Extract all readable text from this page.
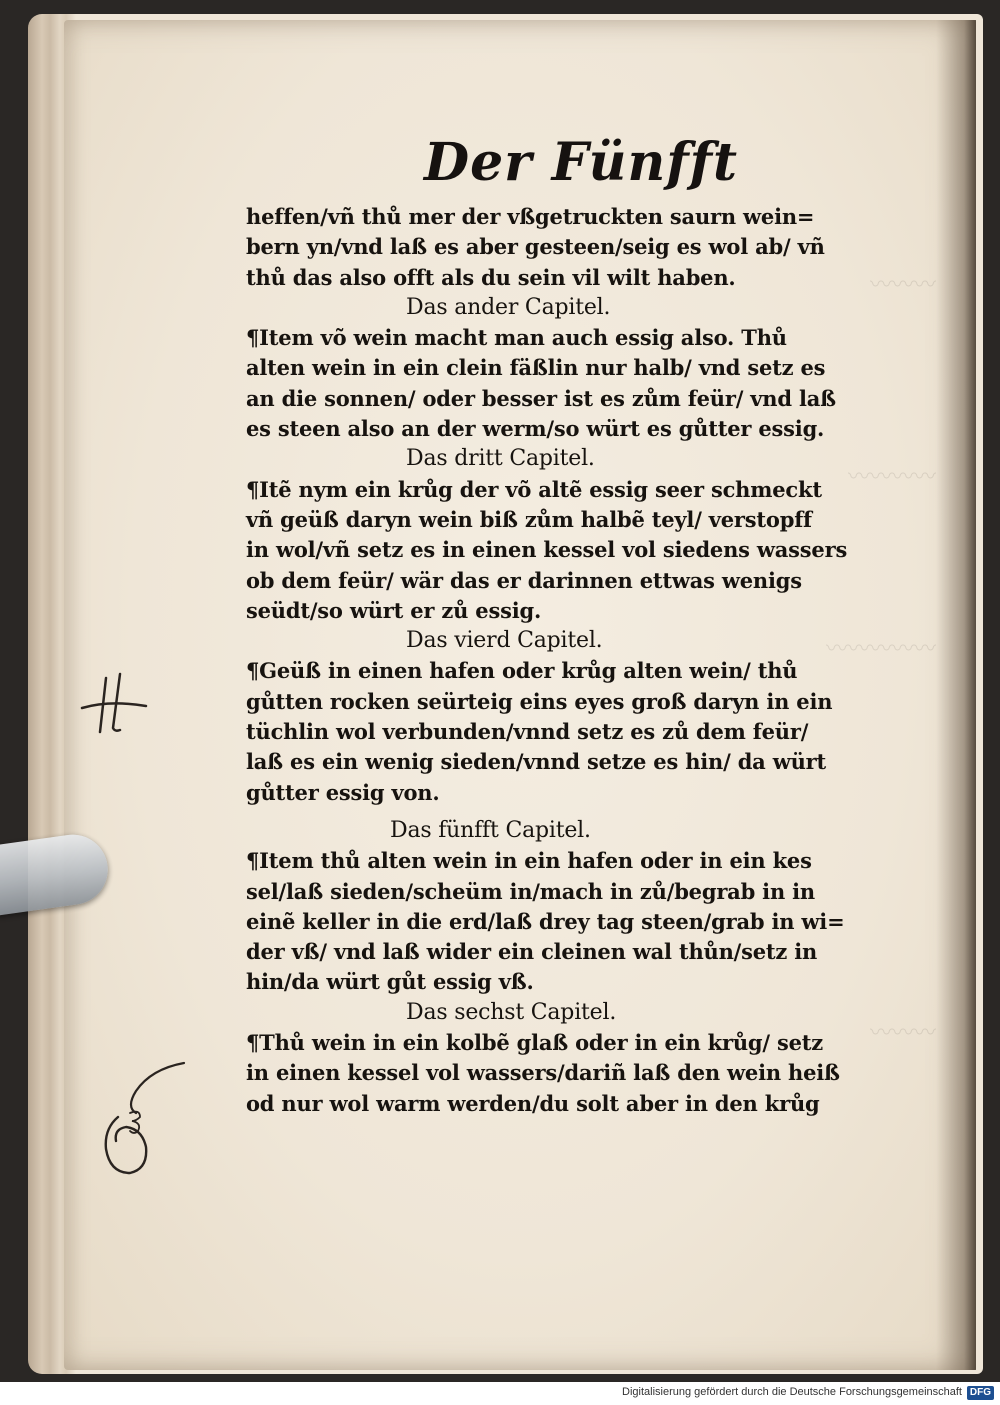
〰〰〰
〰〰〰〰
〰〰〰〰〰
〰〰〰
Der Fünfft
heffen/vñ thů mer der vßgetruckten saurn wein=
bern yn/vnd laß es aber gesteen/seig es wol ab/ vñ
thů das also offt als du sein vil wilt haben.
Das ander Capitel.
¶Item võ wein macht man auch essig also. Thů
alten wein in ein clein fäßlin nur halb/ vnd setz es
an die sonnen/ oder besser ist es zům feür/ vnd laß
es steen also an der werm/so würt es gůtter essig.
Das dritt Capitel.
¶Itẽ nym ein krůg der võ altẽ essig seer schmeckt
vñ geüß daryn wein biß zům halbẽ teyl/ verstopff
in wol/vñ setz es in einen kessel vol siedens wassers
ob dem feür/ wär das er darinnen ettwas wenigs
seüdt/so würt er zů essig.
Das vierd Capitel.
¶Geüß in einen hafen oder krůg alten wein/ thů
gůtten rocken seürteig eins eyes groß daryn in ein
tüchlin wol verbunden/vnnd setz es zů dem feür/
laß es ein wenig sieden/vnnd setze es hin/ da würt
gůtter essig von.
Das fünfft Capitel.
¶Item thů alten wein in ein hafen oder in ein kes
sel/laß sieden/scheüm in/mach in zů/begrab in in
einẽ keller in die erd/laß drey tag steen/grab in wi=
der vß/ vnd laß wider ein cleinen wal thůn/setz in
hin/da würt gůt essig vß.
Das sechst Capitel.
¶Thů wein in ein kolbẽ glaß oder in ein krůg/ setz
in einen kessel vol wassers/dariñ laß den wein heiß
od nur wol warm werden/du solt aber in den krůg
Digitalisierung gefördert durch die Deutsche Forschungsgemeinschaft DFG
